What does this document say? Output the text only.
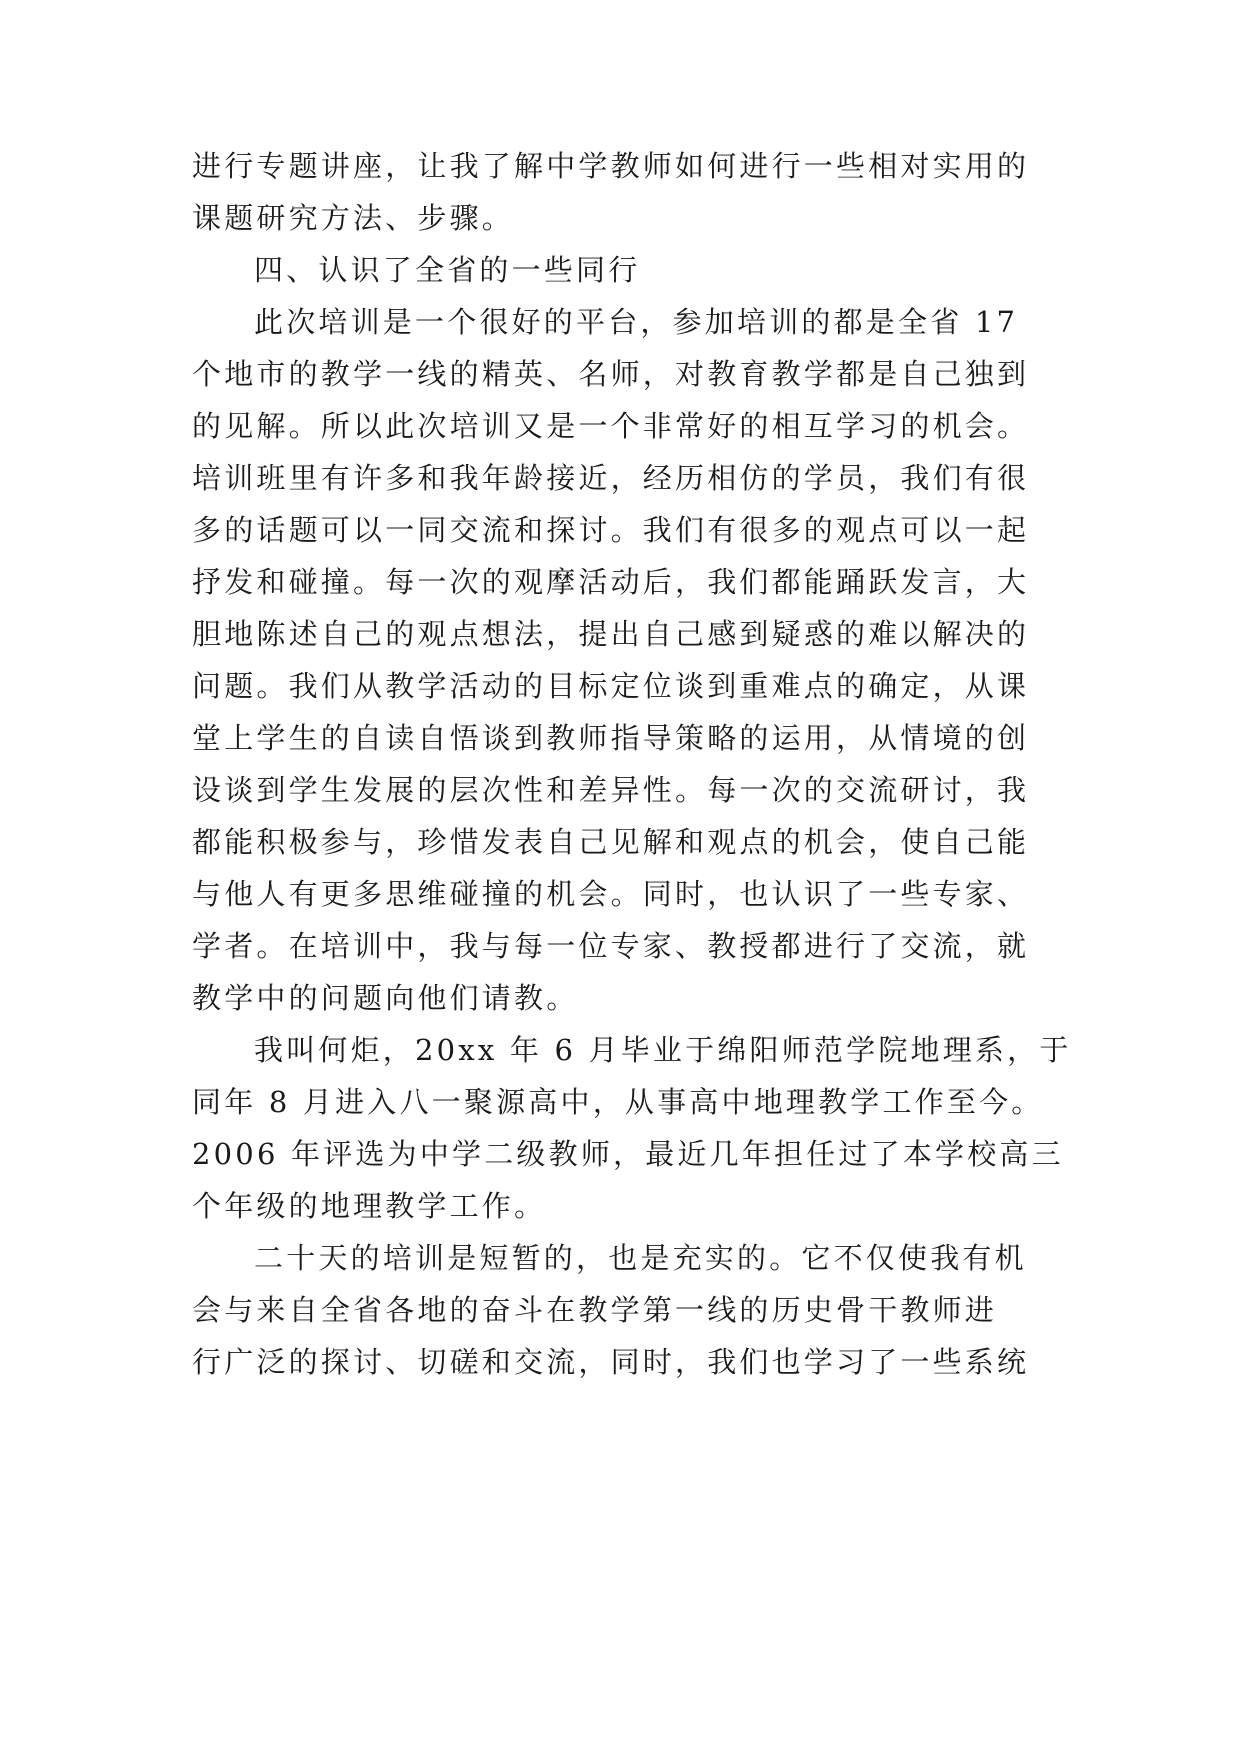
进行专题讲座，让我了解中学教师如何进行一些相对实用的
课题研究方法、步骤。
四、认识了全省的一些同行
此次培训是一个很好的平台，参加培训的都是全省 17
个地市的教学一线的精英、名师，对教育教学都是自己独到
的见解。所以此次培训又是一个非常好的相互学习的机会。
培训班里有许多和我年龄接近，经历相仿的学员，我们有很
多的话题可以一同交流和探讨。我们有很多的观点可以一起
抒发和碰撞。每一次的观摩活动后，我们都能踊跃发言，大
胆地陈述自己的观点想法，提出自己感到疑惑的难以解决的
问题。我们从教学活动的目标定位谈到重难点的确定，从课
堂上学生的自读自悟谈到教师指导策略的运用，从情境的创
设谈到学生发展的层次性和差异性。每一次的交流研讨，我
都能积极参与，珍惜发表自己见解和观点的机会，使自己能
与他人有更多思维碰撞的机会。同时，也认识了一些专家、
学者。在培训中，我与每一位专家、教授都进行了交流，就
教学中的问题向他们请教。
我叫何炬，20xx 年 6 月毕业于绵阳师范学院地理系，于
同年 8 月进入八一聚源高中，从事高中地理教学工作至今。
2006 年评选为中学二级教师，最近几年担任过了本学校高三
个年级的地理教学工作。
二十天的培训是短暂的，也是充实的。它不仅使我有机
会与来自全省各地的奋斗在教学第一线的历史骨干教师进
行广泛的探讨、切磋和交流，同时，我们也学习了一些系统
